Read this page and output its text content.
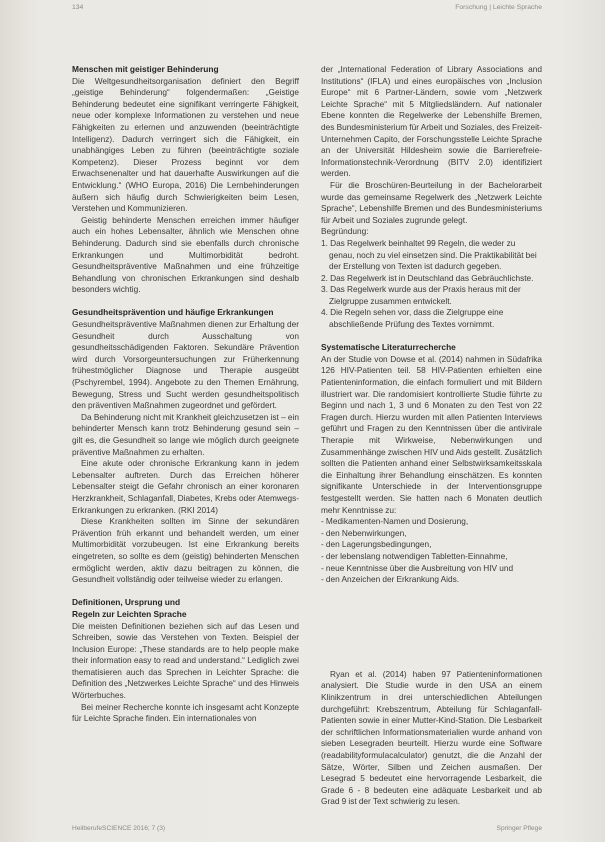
134	Forschung | Leichte Sprache
Menschen mit geistiger Behinderung

Die Weltgesundheitsorganisation definiert den Begriff „geistige Behinderung“ folgendermaßen: „Geistige Behinderung bedeutet eine signifikant verringerte Fähigkeit, neue oder komplexe Informationen zu verstehen und neue Fähigkeiten zu erlernen und anzuwenden (beeinträchtigte Intelligenz). Dadurch verringert sich die Fähigkeit, ein unabhängiges Leben zu führen (beeinträchtigte soziale Kompetenz). Dieser Prozess beginnt vor dem Erwachsenenalter und hat dauerhafte Auswirkungen auf die Entwicklung.“ (WHO Europa, 2016) Die Lernbehinderungen äußern sich häufig durch Schwierigkeiten beim Lesen, Verstehen und Kommunizieren.

Geistig behinderte Menschen erreichen immer häufiger auch ein hohes Lebensalter, ähnlich wie Menschen ohne Behinderung. Dadurch sind sie ebenfalls durch chronische Erkrankungen und Multimorbidität bedroht. Gesundheitspräventive Maßnahmen und eine frühzeitige Behandlung von chronischen Erkrankungen sind deshalb besonders wichtig.

Gesundheitsprävention und häufige Erkrankungen

Gesundheitspräventive Maßnahmen dienen zur Erhaltung der Gesundheit durch Ausschaltung von gesundheitsschädigenden Faktoren. Sekundäre Prävention wird durch Vorsorgeuntersuchungen zur Früherkennung frühestmöglicher Diagnose und Therapie ausgeübt (Pschyrembel, 1994). Angebote zu den Themen Ernährung, Bewegung, Stress und Sucht werden gesundheitspolitisch den präventiven Maßnahmen zugeordnet und gefördert.

Da Behinderung nicht mit Krankheit gleichzusetzen ist – ein behinderter Mensch kann trotz Behinderung gesund sein – gilt es, die Gesundheit so lange wie möglich durch geeignete präventive Maßnahmen zu erhalten.

Eine akute oder chronische Erkrankung kann in jedem Lebensalter auftreten. Durch das Erreichen höherer Lebensalter steigt die Gefahr chronisch an einer koronaren Herzkrankheit, Schlaganfall, Diabetes, Krebs oder Atemwegs-Erkrankungen zu erkranken. (RKI 2014)

Diese Krankheiten sollten im Sinne der sekundären Prävention früh erkannt und behandelt werden, um einer Multimorbidität vorzubeugen. Ist eine Erkrankung bereits eingetreten, so sollte es dem (geistig) behinderten Menschen ermöglicht werden, aktiv dazu beitragen zu können, die Gesundheit vollständig oder teilweise wieder zu erlangen.

Definitionen, Ursprung und
Regeln zur Leichten Sprache

Die meisten Definitionen beziehen sich auf das Lesen und Schreiben, sowie das Verstehen von Texten. Beispiel der Inclusion Europe: „These standards are to help people make their information easy to read and understand.“ Lediglich zwei thematisieren auch das Sprechen in Leichter Sprache: die Definition des „Netzwerkes Leichte Sprache“ und des Hinweis Wörterbuches.

Bei meiner Recherche konnte ich insgesamt acht Konzepte für Leichte Sprache finden. Ein internationales von

der „International Federation of Library Associations and Institutions“ (IFLA) und eines europäisches von „Inclusion Europe“ mit 6 Partner-Ländern, sowie vom „Netzwerk Leichte Sprache“ mit 5 Mitgliedsländern. Auf nationaler Ebene konnten die Regelwerke der Lebenshilfe Bremen, des Bundesministerium für Arbeit und Soziales, des Freizeit-Unternehmen Capito, der Forschungsstelle Leichte Sprache an der Universität Hildesheim sowie die Barrierefreie-Informationstechnik-Verordnung (BITV 2.0) identifiziert werden.

Für die Broschüren-Beurteilung in der Bachelorarbeit wurde das gemeinsame Regelwerk des „Netzwerk Leichte Sprache“, Lebenshilfe Bremen und des Bundesministeriums für Arbeit und Soziales zugrunde gelegt.

Begründung:

1. Das Regelwerk beinhaltet 99 Regeln, die weder zu genau, noch zu viel einsetzen sind. Die Praktikabilität bei der Erstellung von Texten ist dadurch gegeben.

2. Das Regelwerk ist in Deutschland das Gebräuchlichste.

3. Das Regelwerk wurde aus der Praxis heraus mit der Zielgruppe zusammen entwickelt.

4. Die Regeln sehen vor, dass die Zielgruppe eine abschließende Prüfung des Textes vornimmt.

Systematische Literaturrecherche

An der Studie von Dowse et al. (2014) nahmen in Südafrika 126 HIV-Patienten teil. 58 HIV-Patienten erhielten eine Patienteninformation, die einfach formuliert und mit Bildern illustriert war. Die randomisiert kontrollierte Studie führte zu Beginn und nach 1, 3 und 6 Monaten zu den Test von 22 Fragen durch. Hierzu wurden mit allen Patienten Interviews geführt und Fragen zu den Kenntnissen über die antivirale Therapie mit Wirkweise, Nebenwirkungen und Zusammenhänge zwischen HIV und Aids gestellt. Zusätzlich sollten die Patienten anhand einer Selbstwirksamkeitsskala die Einhaltung ihrer Behandlung einschätzen. Es konnten signifikante Unterschiede in der Interventionsgruppe festgestellt werden. Sie hatten nach 6 Monaten deutlich mehr Kenntnisse zu:

- Medikamenten-Namen und Dosierung,

- den Nebenwirkungen,

- den Lagerungsbedingungen,

- der lebenslang notwendigen Tabletten-Einnahme,

- neue Kenntnisse über die Ausbreitung von HIV und

- den Anzeichen der Erkrankung Aids.

Ryan et al. (2014) haben 97 Patienteninformationen analysiert. Die Studie wurde in den USA an einem Klinikzentrum in drei unterschiedlichen Abteilungen durchgeführt: Krebszentrum, Abteilung für Schlaganfall-Patienten sowie in einer Mutter-Kind-Station. Die Lesbarkeit der schriftlichen Informationsmaterialien wurde anhand von sieben Lesegraden beurteilt. Hierzu wurde eine Software (readabilityformulacalculator) genutzt, die die Anzahl der Sätze, Wörter, Silben und Zeichen ausmaßen. Der Lesegrad 5 bedeutet eine hervorragende Lesbarkeit, die Grade 6 - 8 bedeuten eine adäquate Lesbarkeit und ab Grad 9 ist der Text schwierig zu lesen.

HeilberufeSCIENCE 2016; 7 (3)	Springer Pflege
